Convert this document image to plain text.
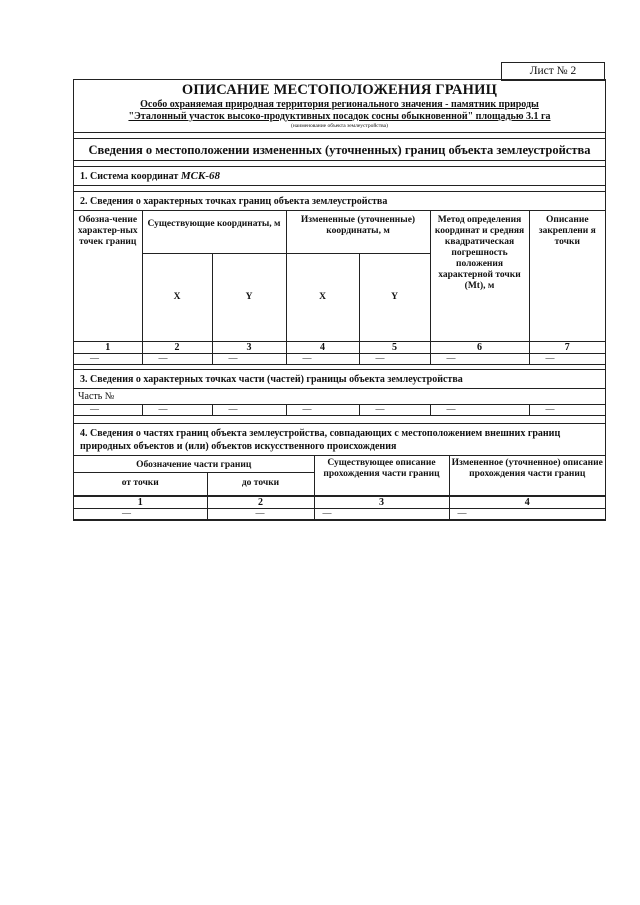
Лист № 2
ОПИСАНИЕ МЕСТОПОЛОЖЕНИЯ ГРАНИЦ
Особо охраняемая природная территория регионального значения - памятник природы
"Эталонный участок высоко-продуктивных посадок сосны обыкновенной" площадью 3.1 га
(наименование объекта землеустройства)
Сведения о местоположении измененных (уточненных) границ объекта землеустройства
1. Система координат МСК-68
2. Сведения о характерных точках границ объекта землеустройства
Обозна-чение характер-ных точек границ	Существующие координаты, м		Измененные (уточненные) координаты, м		Метод определения координат и средняя квадратическая погрешность положения характерной точки (Mt), м	Описание закреплени я точки
	X	Y	X	Y		
1	2	3	4	5	6	7
—	—	—	—	—	—	—
3. Сведения о характерных точках части (частей) границы объекта землеустройства
Часть №
—	—	—	—	—	—	—
4. Сведения о частях границ объекта землеустройства, совпадающих с местоположением внешних границ природных объектов и (или) объектов искусственного происхождения
Обозначение части границ		Существующее описание прохождения части границ	Измененное (уточненное) описание прохождения части границ
от точки	до точки		
1	2	3	4
—	—	—	—
